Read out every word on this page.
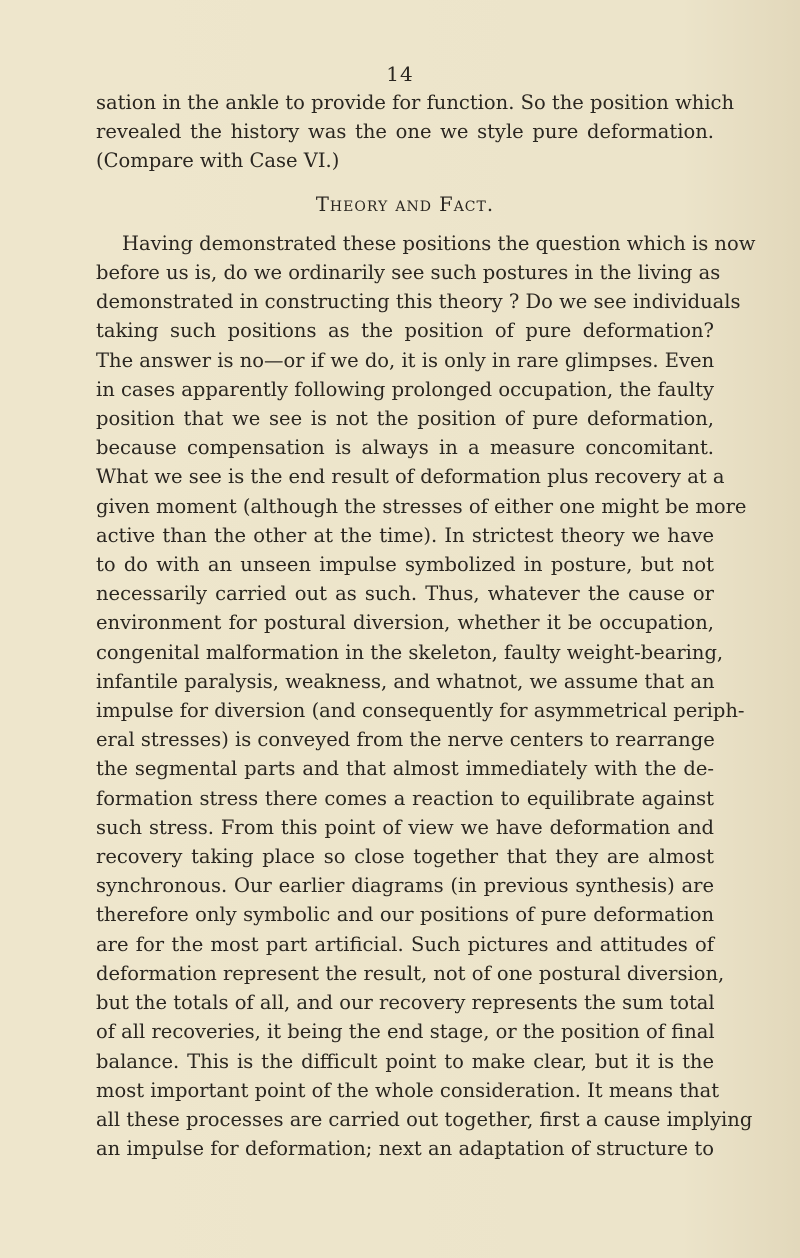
14
sation in the ankle to provide for function. So the position which
revealed the history was the one we style pure deformation.
(Compare with Case VI.)
Theory and Fact.
Having demonstrated these positions the question which is now
before us is, do we ordinarily see such postures in the living as
demonstrated in constructing this theory ? Do we see individuals
taking such positions as the position of pure deformation?
The answer is no—or if we do, it is only in rare glimpses. Even
in cases apparently following prolonged occupation, the faulty
position that we see is not the position of pure deformation,
because compensation is always in a measure concomitant.
What we see is the end result of deformation plus recovery at a
given moment (although the stresses of either one might be more
active than the other at the time). In strictest theory we have
to do with an unseen impulse symbolized in posture, but not
necessarily carried out as such. Thus, whatever the cause or
environment for postural diversion, whether it be occupation,
congenital malformation in the skeleton, faulty weight-bearing,
infantile paralysis, weakness, and whatnot, we assume that an
impulse for diversion (and consequently for asymmetrical periph-
eral stresses) is conveyed from the nerve centers to rearrange
the segmental parts and that almost immediately with the de-
formation stress there comes a reaction to equilibrate against
such stress. From this point of view we have deformation and
recovery taking place so close together that they are almost
synchronous. Our earlier diagrams (in previous synthesis) are
therefore only symbolic and our positions of pure deformation
are for the most part artificial. Such pictures and attitudes of
deformation represent the result, not of one postural diversion,
but the totals of all, and our recovery represents the sum total
of all recoveries, it being the end stage, or the position of final
balance. This is the difficult point to make clear, but it is the
most important point of the whole consideration. It means that
all these processes are carried out together, first a cause implying
an impulse for deformation; next an adaptation of structure to
